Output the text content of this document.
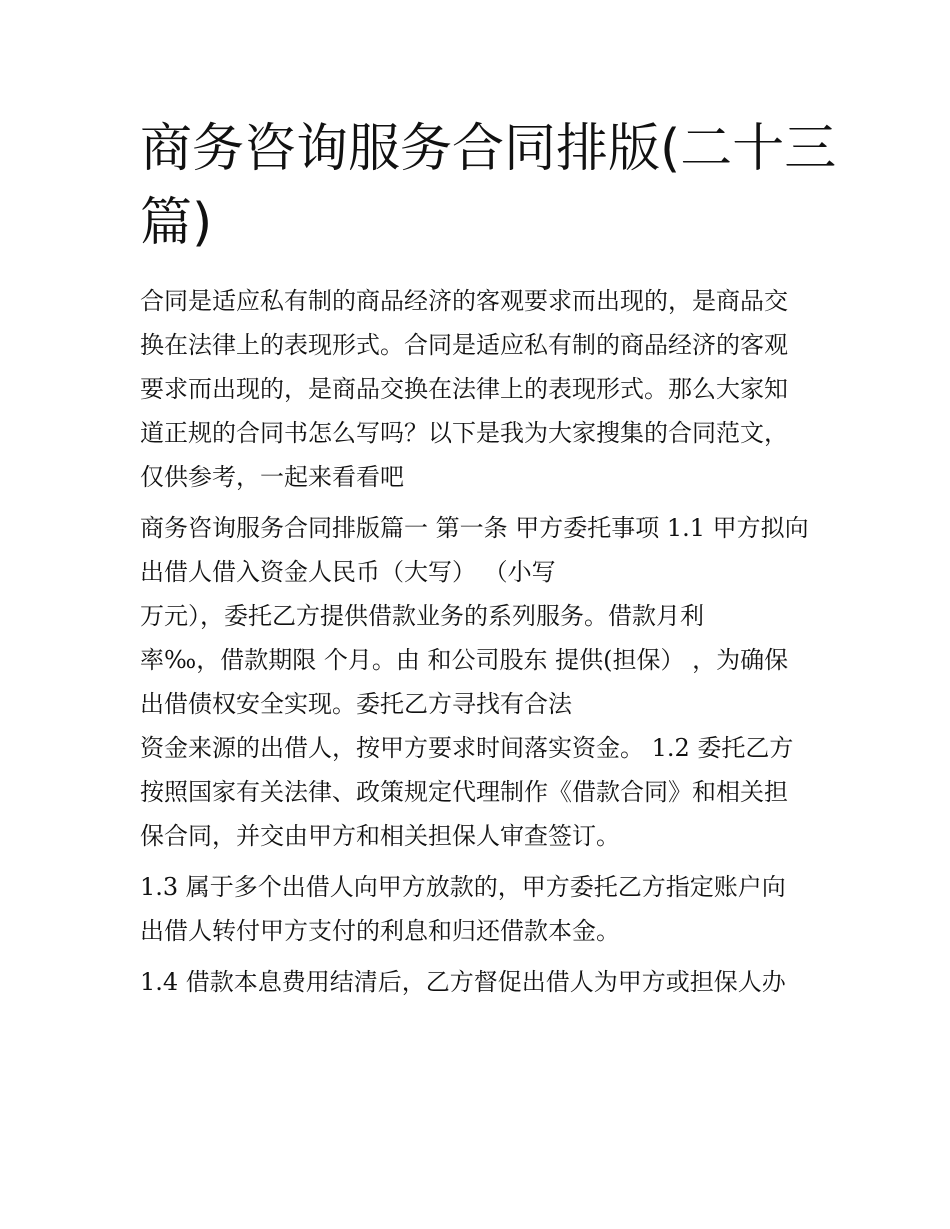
商务咨询服务合同排版(二十三
篇)
合同是适应私有制的商品经济的客观要求而出现的，是商品交
换在法律上的表现形式。合同是适应私有制的商品经济的客观
要求而出现的，是商品交换在法律上的表现形式。那么大家知
道正规的合同书怎么写吗？以下是我为大家搜集的合同范文，
仅供参考，一起来看看吧
商务咨询服务合同排版篇一 第一条 甲方委托事项 1.1 甲方拟向
出借人借入资金人民币（大写） （小写
万元），委托乙方提供借款业务的系列服务。借款月利
率‰，借款期限 个月。由 和公司股东 提供(担保） ，为确保
出借债权安全实现。委托乙方寻找有合法
资金来源的出借人，按甲方要求时间落实资金。 1.2 委托乙方
按照国家有关法律、政策规定代理制作《借款合同》和相关担
保合同，并交由甲方和相关担保人审查签订。
1.3 属于多个出借人向甲方放款的，甲方委托乙方指定账户向
出借人转付甲方支付的利息和归还借款本金。
1.4 借款本息费用结清后，乙方督促出借人为甲方或担保人办
